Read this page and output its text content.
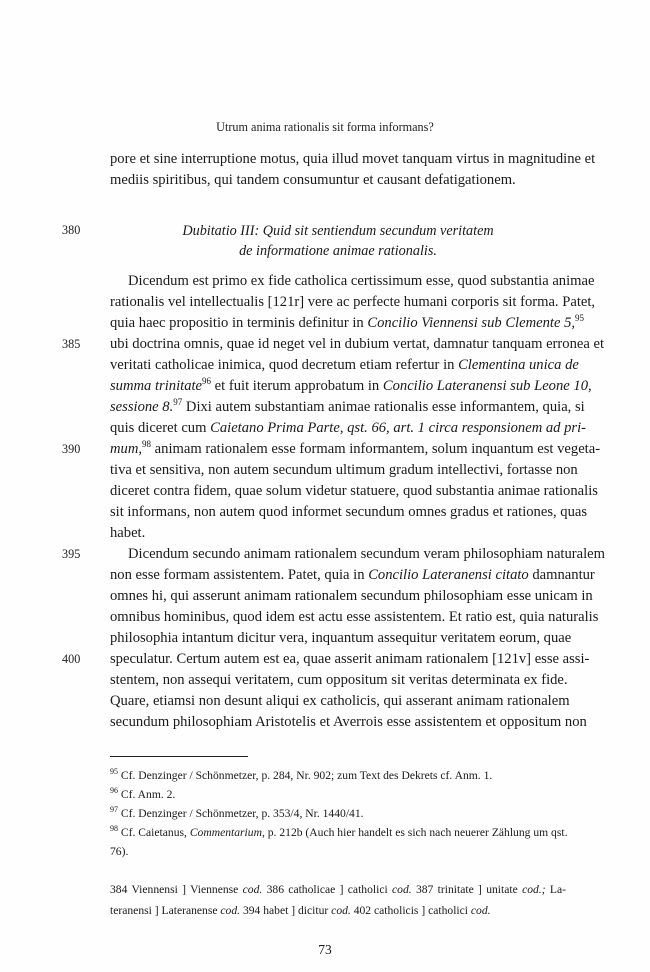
Utrum anima rationalis sit forma informans?
pore et sine interruptione motus, quia illud movet tanquam virtus in magnitudine et
mediis spiritibus, qui tandem consumuntur et causant defatigationem.
380	Dubitatio III: Quid sit sentiendum secundum veritatem
de informatione animae rationalis.
Dicendum est primo ex fide catholica certissimum esse, quod substantia animae
rationalis vel intellectualis [121r] vere ac perfecte humani corporis sit forma. Patet,
quia haec propositio in terminis definitur in Concilio Viennensi sub Clemente 5,95
385 ubi doctrina omnis, quae id neget vel in dubium vertat, damnatur tanquam erronea et
veritati catholicae inimica, quod decretum etiam refertur in Clementina unica de
summa trinitate$^{96}$ et fuit iterum approbatum in Concilio Lateranensi sub Leone 10,
sessione 8.97 Dixi autem substantiam animae rationalis esse informantem, quia, si
quis diceret cum Caietano Prima Parte, qst. 66, art. 1 circa responsionem ad pri-
390 mum,$^{98}$ animam rationalem esse formam informantem, solum inquantum est vegeta-
tiva et sensitiva, non autem secundum ultimum gradum intellectivi, fortasse non
diceret contra fidem, quae solum videtur statuere, quod substantia animae rationalis
sit informans, non autem quod informet secundum omnes gradus et rationes, quas
habet.
395	Dicendum secundo animam rationalem secundum veram philosophiam naturalem
non esse formam assistentem. Patet, quia in Concilio Lateranensi citato damnantur
omnes hi, qui asserunt animam rationalem secundum philosophiam esse unicam in
omnibus hominibus, quod idem est actu esse assistentem. Et ratio est, quia naturalis
philosophia intantum dicitur vera, inquantum assequitur veritatem eorum, quae
400 speculatur. Certum autem est ea, quae asserit animam rationalem [121v] esse assi-
stentem, non assequi veritatem, cum oppositum sit veritas determinata ex fide.
Quare, etiamsi non desunt aliqui ex catholicis, qui asserant animam rationalem
secundum philosophiam Aristotelis et Averrois esse assistentem et oppositum non
$^{95}$ Cf. Denzinger / Schönmetzer, p. 284, Nr. 902; zum Text des Dekrets cf. Anm. 1.
$^{96}$ Cf. Anm. 2.
$^{97}$ Cf. Denzinger / Schönmetzer, p. 353/4, Nr. 1440/41.
$^{98}$ Cf. Caietanus, Commentarium, p. 212b (Auch hier handelt es sich nach neuerer Zählung um qst.
76).
384 Viennensi ] Viennense cod. 386 catholicae ] catholici cod. 387 trinitate ] unitate cod.; La-
teranensi ] Lateranense cod. 394 habet ] dicitur cod. 402 catholicis ] catholici cod.
73
